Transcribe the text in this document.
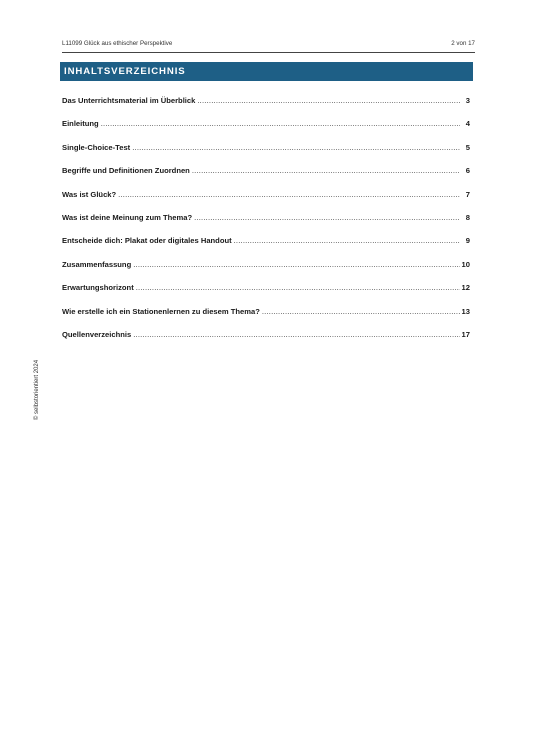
L11099 Glück aus ethischer Perspektive	2 von 17
INHALTSVERZEICHNIS
Das Unterrichtsmaterial im Überblick .....	3
Einleitung .....	4
Single-Choice-Test .....	5
Begriffe und Definitionen Zuordnen .....	6
Was ist Glück? .....	7
Was ist deine Meinung zum Thema? .....	8
Entscheide dich: Plakat oder digitales Handout .....	9
Zusammenfassung .....	10
Erwartungshorizont .....	12
Wie erstelle ich ein Stationenlernen zu diesem Thema? .....	13
Quellenverzeichnis .....	17
© selbstorientiert 2024
